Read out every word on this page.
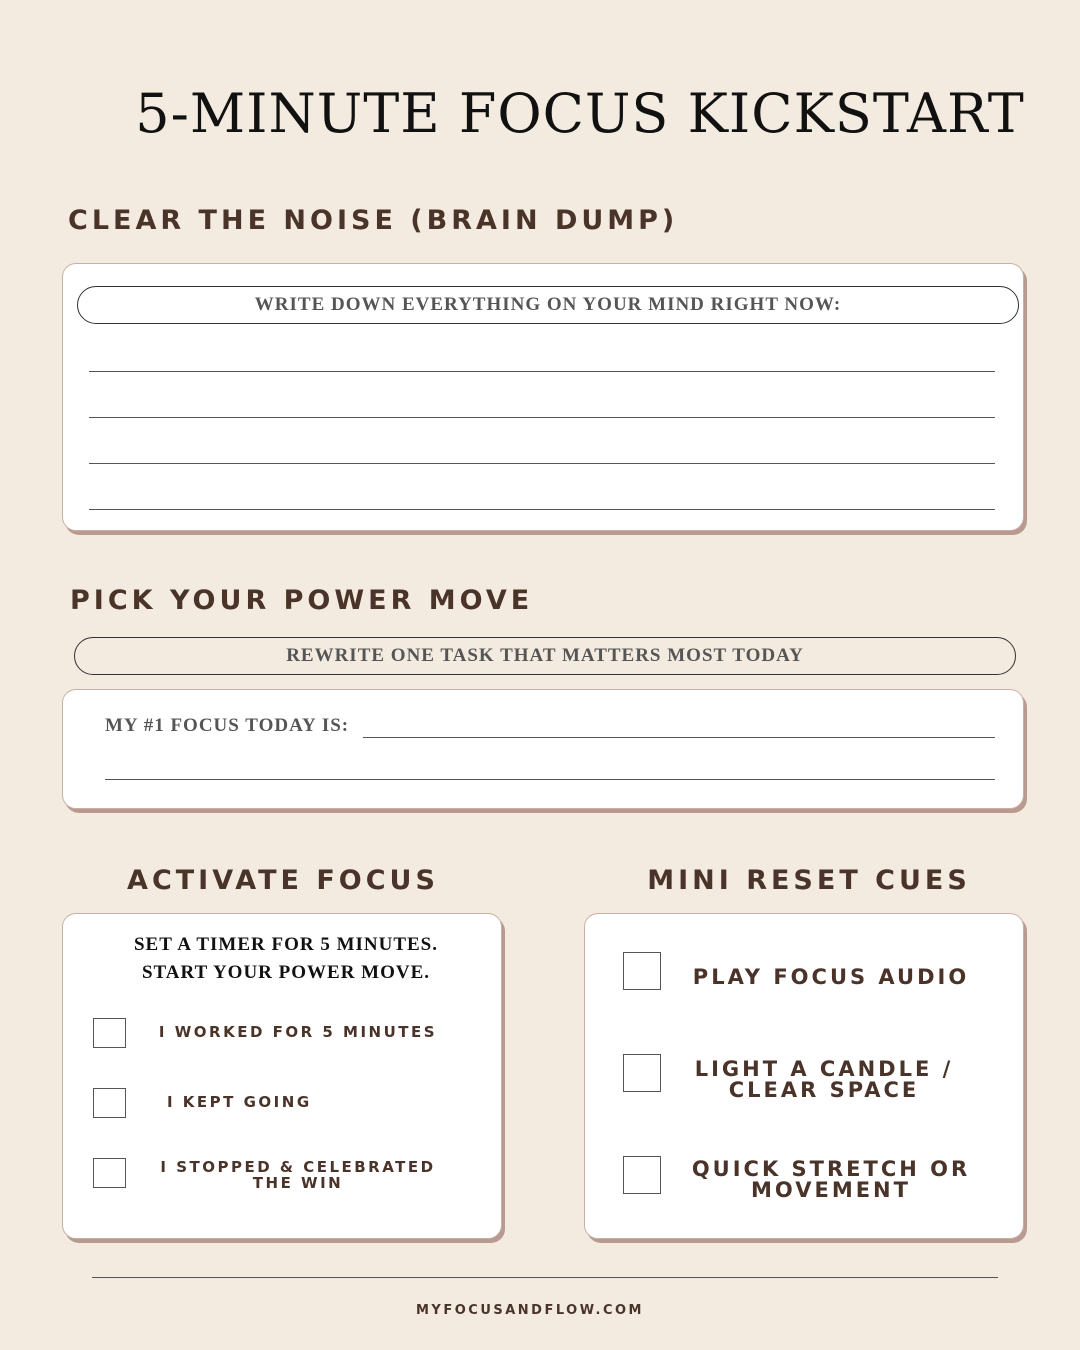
5-MINUTE FOCUS KICKSTART
CLEAR THE NOISE (BRAIN DUMP)
WRITE DOWN EVERYTHING ON YOUR MIND RIGHT NOW:
PICK YOUR POWER MOVE
REWRITE ONE TASK THAT MATTERS MOST TODAY
MY #1 FOCUS TODAY IS:
ACTIVATE FOCUS
SET A TIMER FOR 5 MINUTES.
START YOUR POWER MOVE.
I WORKED FOR 5 MINUTES
I KEPT GOING
I STOPPED & CELEBRATED
THE WIN
MINI RESET CUES
PLAY FOCUS AUDIO
LIGHT A CANDLE /
CLEAR SPACE
QUICK STRETCH OR
MOVEMENT
MYFOCUSANDFLOW.COM
